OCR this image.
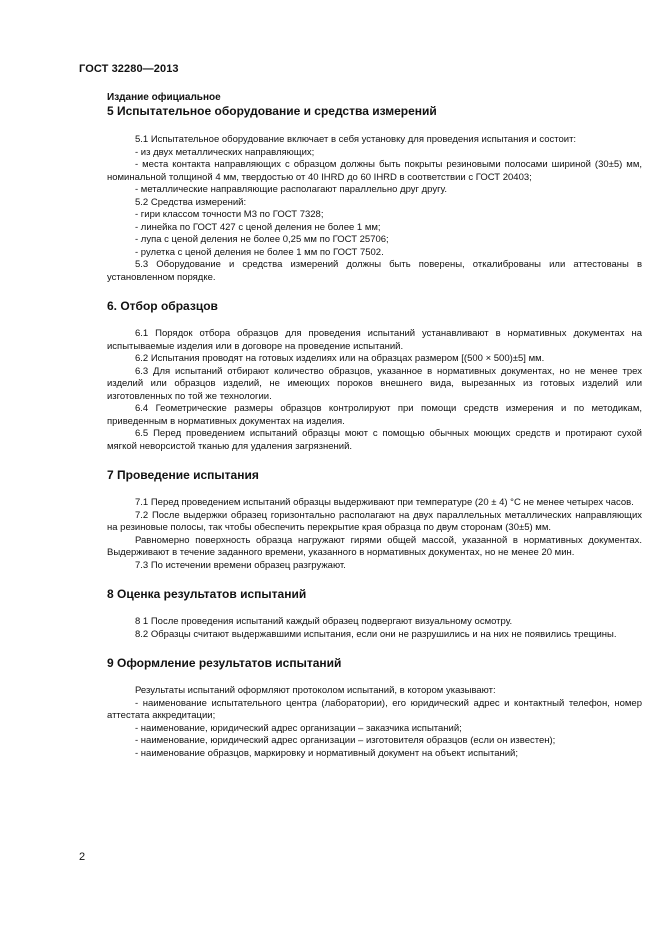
ГОСТ 32280—2013
Издание официальное
5 Испытательное оборудование и средства измерений

5.1 Испытательное оборудование включает в себя установку для проведения испытания и состоит:

- из двух металлических направляющих;

- места контакта направляющих с образцом должны быть покрыты резиновыми полосами шириной (30±5) мм, номинальной толщиной 4 мм, твердостью от 40 IHRD до 60 IHRD в соответствии с ГОСТ 20403;

- металлические направляющие располагают параллельно друг другу.

5.2 Средства измерений:

- гири классом точности М3 по ГОСТ 7328;

- линейка по ГОСТ 427 с ценой деления не более 1 мм;

- лупа с ценой деления не более 0,25 мм по ГОСТ 25706;

- рулетка с ценой деления не более 1 мм по ГОСТ 7502.

5.3 Оборудование и средства измерений должны быть поверены, откалиброваны или аттестованы в установленном порядке.

6. Отбор образцов

6.1 Порядок отбора образцов для проведения испытаний устанавливают в нормативных документах на испытываемые изделия или в договоре на проведение испытаний.

6.2 Испытания проводят на готовых изделиях или на образцах размером [(500 × 500)±5] мм.

6.3 Для испытаний отбирают количество образцов, указанное в нормативных документах, но не менее трех изделий или образцов изделий, не имеющих пороков внешнего вида, вырезанных из готовых изделий или изготовленных по той же технологии.

6.4 Геометрические размеры образцов контролируют при помощи средств измерения и по методикам, приведенным в нормативных документах на изделия.

6.5 Перед проведением испытаний образцы моют с помощью обычных моющих средств и протирают сухой мягкой неворсистой тканью для удаления загрязнений.

7 Проведение испытания

7.1 Перед проведением испытаний образцы выдерживают при температуре (20 ± 4) °С не менее четырех часов.

7.2 После выдержки образец горизонтально располагают на двух параллельных металлических направляющих на резиновые полосы, так чтобы обеспечить перекрытие края образца по двум сторонам (30±5) мм.

Равномерно поверхность образца нагружают гирями общей массой, указанной в нормативных документах. Выдерживают в течение заданного времени, указанного в нормативных документах, но не менее 20 мин.

7.3 По истечении времени образец разгружают.

8 Оценка результатов испытаний

8 1 После проведения испытаний каждый образец подвергают визуальному осмотру.

8.2 Образцы считают выдержавшими испытания, если они не разрушились и на них не появились трещины.

9 Оформление результатов испытаний

Результаты испытаний оформляют протоколом испытаний, в котором указывают:

- наименование испытательного центра (лаборатории), его юридический адрес и контактный телефон, номер аттестата аккредитации;

- наименование, юридический адрес организации – заказчика испытаний;

- наименование, юридический адрес организации – изготовителя образцов (если он известен);

- наименование образцов, маркировку и нормативный документ на объект испытаний;

2
